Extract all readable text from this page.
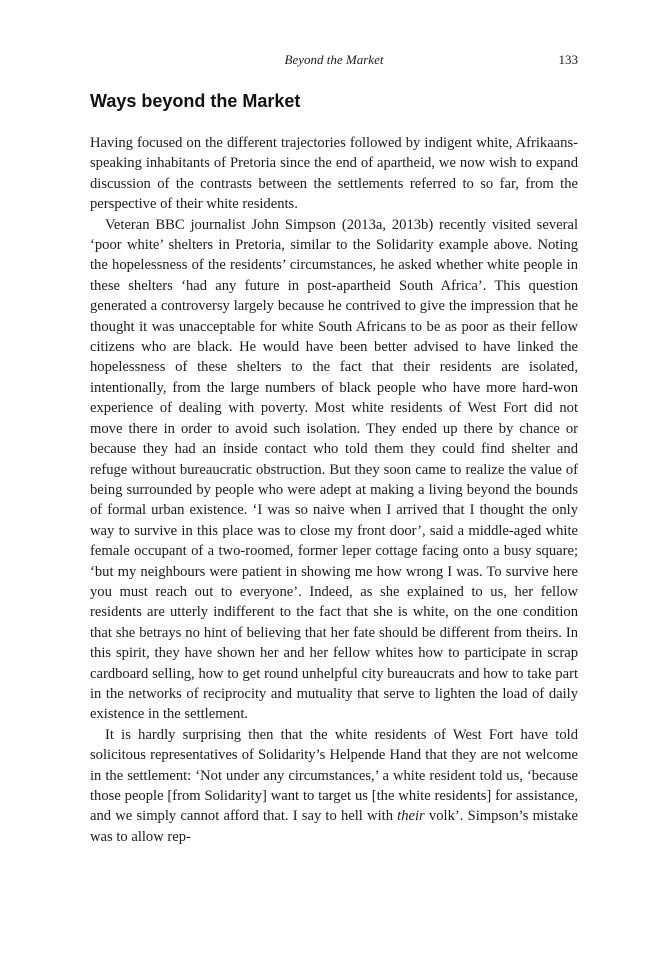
Beyond the Market	133
Ways beyond the Market

Having focused on the different trajectories followed by indigent white, Afrikaans-speaking inhabitants of Pretoria since the end of apartheid, we now wish to expand discussion of the contrasts between the settlements referred to so far, from the perspective of their white residents.

Veteran BBC journalist John Simpson (2013a, 2013b) recently visited several ‘poor white’ shelters in Pretoria, similar to the Solidarity example above. Noting the hopelessness of the residents’ circumstances, he asked whether white people in these shelters ‘had any future in post-apartheid South Africa’. This question generated a controversy largely because he contrived to give the impression that he thought it was unacceptable for white South Africans to be as poor as their fellow citizens who are black. He would have been better advised to have linked the hopelessness of these shelters to the fact that their residents are isolated, intentionally, from the large numbers of black people who have more hard-won experience of dealing with poverty. Most white residents of West Fort did not move there in order to avoid such isolation. They ended up there by chance or because they had an inside contact who told them they could find shelter and refuge without bureaucratic obstruction. But they soon came to realize the value of being surrounded by people who were adept at making a living beyond the bounds of formal urban existence. ‘I was so naive when I arrived that I thought the only way to survive in this place was to close my front door’, said a middle-aged white female occupant of a two-roomed, former leper cottage facing onto a busy square; ‘but my neighbours were patient in showing me how wrong I was. To survive here you must reach out to everyone’. Indeed, as she explained to us, her fellow residents are utterly indifferent to the fact that she is white, on the one condition that she betrays no hint of believing that her fate should be different from theirs. In this spirit, they have shown her and her fellow whites how to participate in scrap cardboard selling, how to get round unhelpful city bureaucrats and how to take part in the networks of reciprocity and mutuality that serve to lighten the load of daily existence in the settlement.

It is hardly surprising then that the white residents of West Fort have told solicitous representatives of Solidarity’s Helpende Hand that they are not welcome in the settlement: ‘Not under any circumstances,’ a white resident told us, ‘because those people [from Solidarity] want to target us [the white residents] for assistance, and we simply cannot afford that. I say to hell with their volk’. Simpson’s mistake was to allow rep-
